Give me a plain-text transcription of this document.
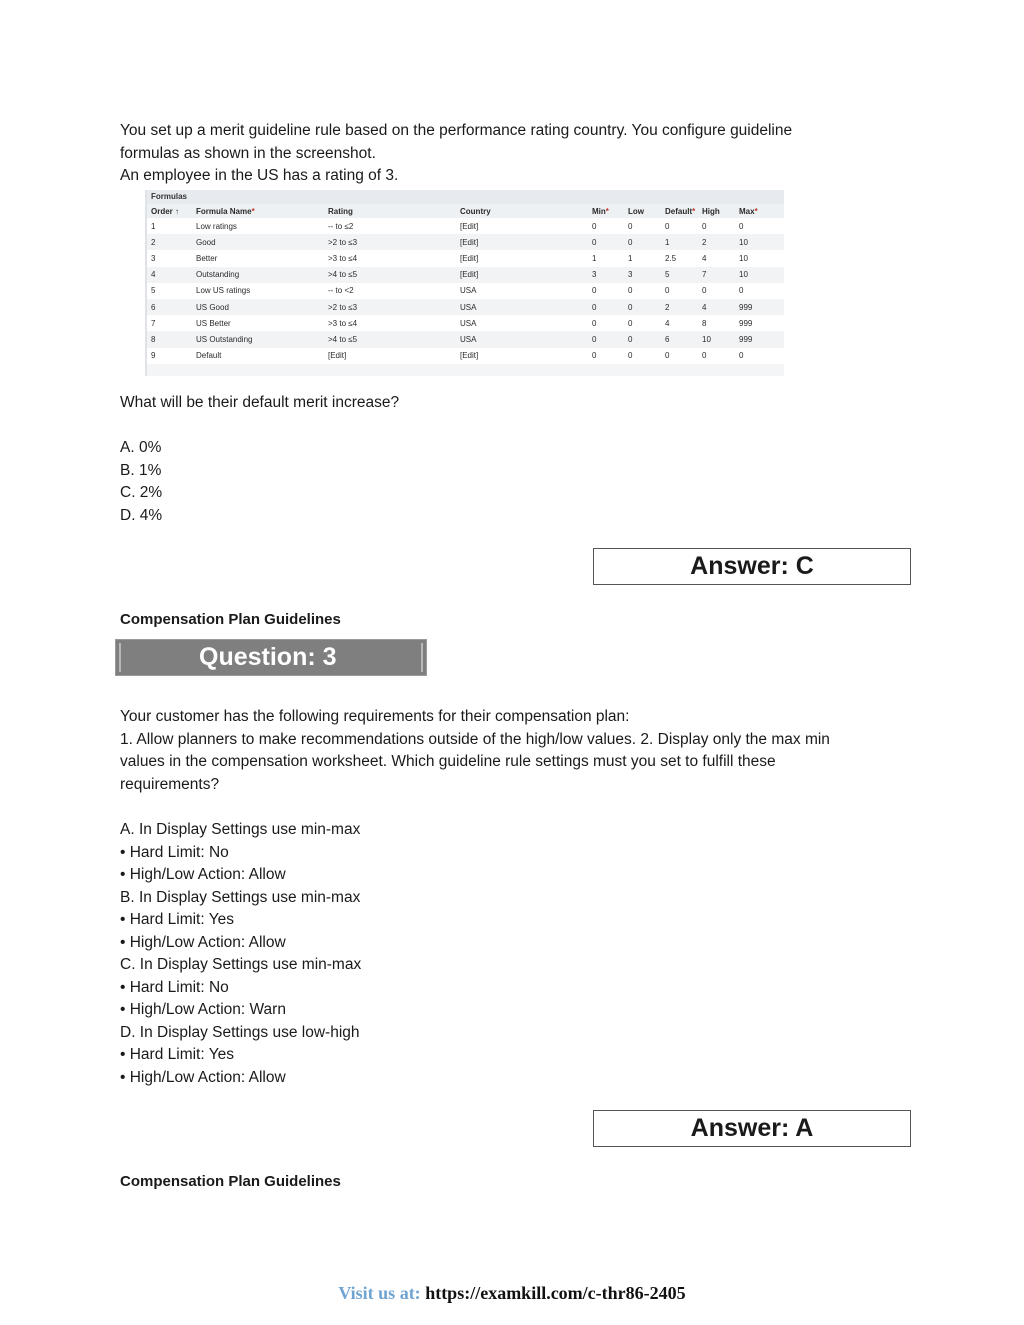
You set up a merit guideline rule based on the performance rating country. You configure guideline
formulas as shown in the screenshot.
An employee in the US has a rating of 3.
Formulas
Order ↑	Formula Name*	Rating	Country	Min*	Low	Default*	High	Max*
1	Low ratings	-- to ≤2	[Edit]	0	0	0	0	0
2	Good	>2 to ≤3	[Edit]	0	0	1	2	10
3	Better	>3 to ≤4	[Edit]	1	1	2.5	4	10
4	Outstanding	>4 to ≤5	[Edit]	3	3	5	7	10
5	Low US ratings	-- to <2	USA	0	0	0	0	0
6	US Good	>2 to ≤3	USA	0	0	2	4	999
7	US Better	>3 to ≤4	USA	0	0	4	8	999
8	US Outstanding	>4 to ≤5	USA	0	0	6	10	999
9	Default	[Edit]	[Edit]	0	0	0	0	0

What will be their default merit increase?

A. 0%
B. 1%
C. 2%
D. 4%
Answer: C
Compensation Plan Guidelines
Question: 3
Your customer has the following requirements for their compensation plan:
1. Allow planners to make recommendations outside of the high/low values. 2. Display only the max min
values in the compensation worksheet. Which guideline rule settings must you set to fulfill these
requirements?
A. In Display Settings use min-max
• Hard Limit: No
• High/Low Action: Allow
B. In Display Settings use min-max
• Hard Limit: Yes
• High/Low Action: Allow
C. In Display Settings use min-max
• Hard Limit: No
• High/Low Action: Warn
D. In Display Settings use low-high
• Hard Limit: Yes
• High/Low Action: Allow
Answer: A
Compensation Plan Guidelines
Visit us at: https://examkill.com/c-thr86-2405
